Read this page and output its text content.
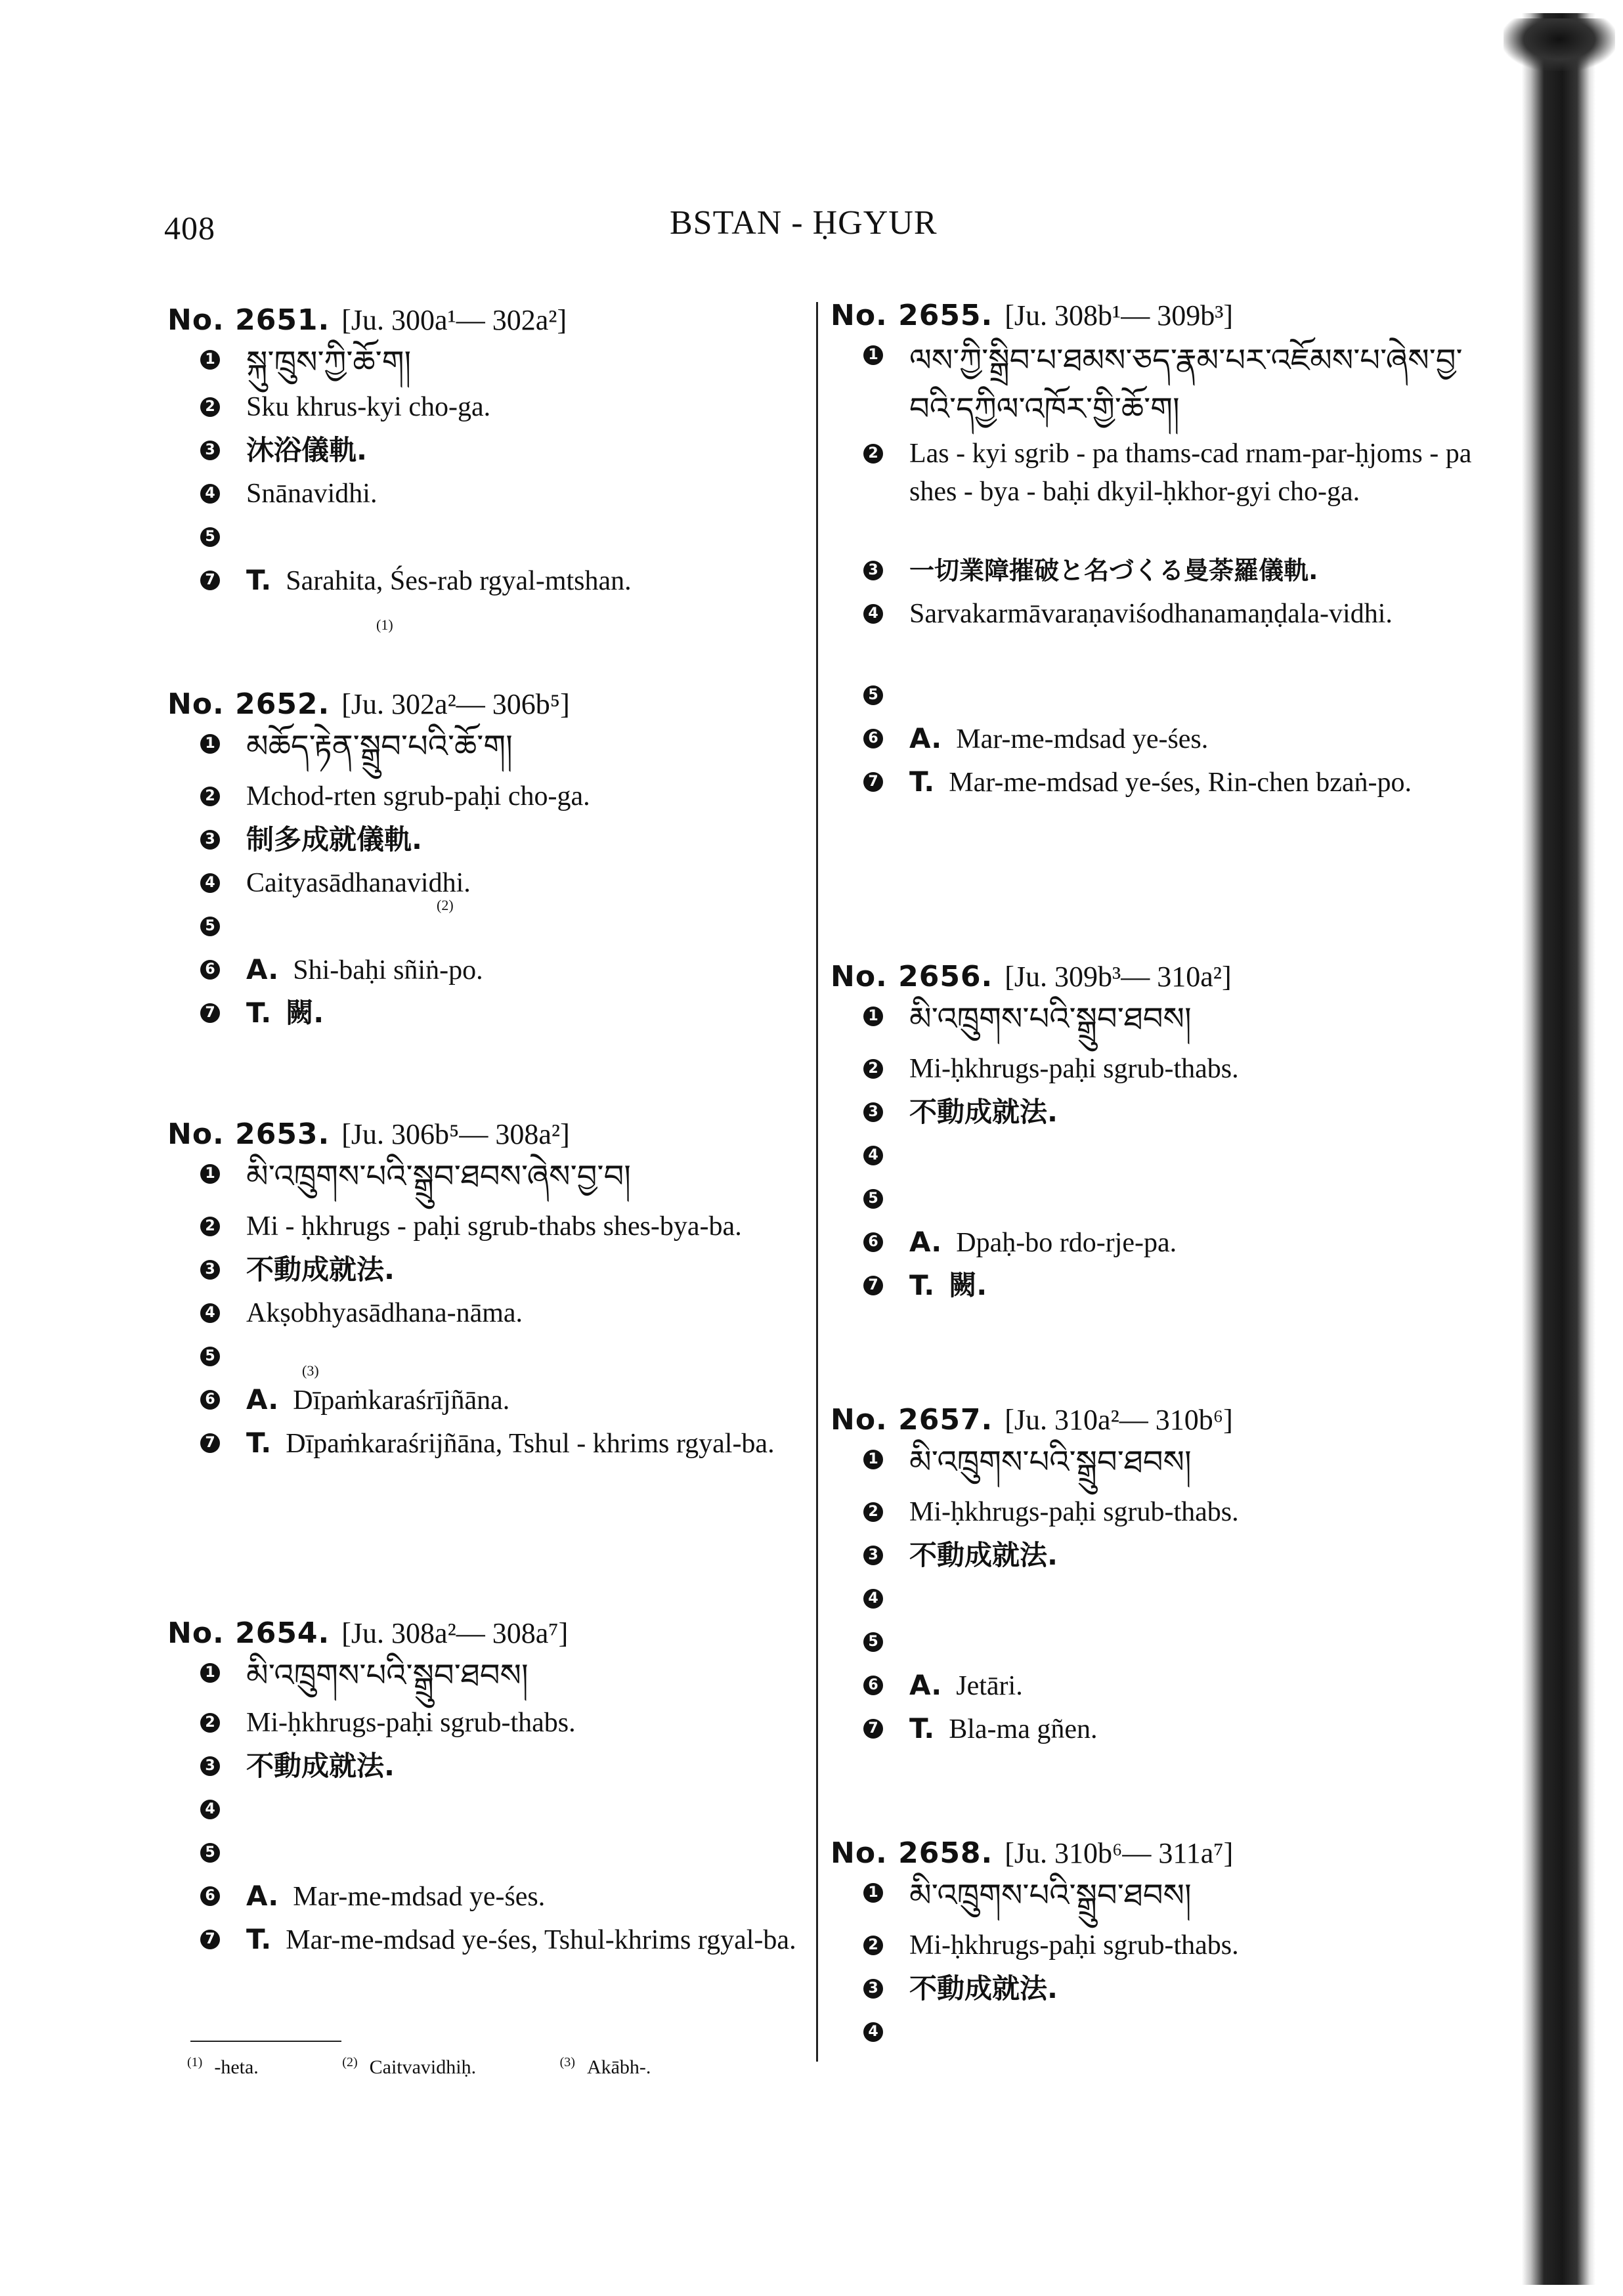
408	BSTAN - ḤGYUR
No. 2651. [Ju. 300a¹— 302a²]
1 སྐུ་ཁྲུས་ཀྱི་ཆོ་ག།
2 Sku khrus-kyi cho-ga.
3 沐浴儀軌.
4 Snānavidhi.
5
7 T. Sarahita, Śes-rab rgyal-mtshan.
(1)
No. 2652. [Ju. 302a²— 306b⁵]
1 མཆོད་རྟེན་སྒྲུབ་པའི་ཆོ་ག།
2 Mchod-rten sgrub-paḥi cho-ga.
3 制多成就儀軌.
4 Caityasādhanavidhi.
5
6 A. Shi-baḥi sñiṅ-po.
7 T. 闕.
(2)
No. 2653. [Ju. 306b⁵— 308a²]
1 མི་འཁྲུགས་པའི་སྒྲུབ་ཐབས་ཞེས་བྱ་བ།
2 Mi - ḥkhrugs - paḥi sgrub-thabs shes-bya-ba.
3 不動成就法.
4 Akṣobhyasādhana-nāma.
5
6 A. Dīpaṁkaraśrījñāna.
7 T. Dīpaṁkaraśrijñāna, Tshul - khrims rgyal-ba.
(3)
No. 2654. [Ju. 308a²— 308a⁷]
1 མི་འཁྲུགས་པའི་སྒྲུབ་ཐབས།
2 Mi-ḥkhrugs-paḥi sgrub-thabs.
3 不動成就法.
4
5
6 A. Mar-me-mdsad ye-śes.
7 T. Mar-me-mdsad ye-śes, Tshul-khrims rgyal-ba.
No. 2655. [Ju. 308b¹— 309b³]
1 ལས་ཀྱི་སྒྲིབ་པ་ཐམས་ཅད་རྣམ་པར་འཇོམས་པ་ཞེས་བྱ་བའི་དཀྱིལ་འཁོར་གྱི་ཆོ་ག།
2 Las - kyi sgrib - pa thams-cad rnam-par-ḥjoms - pa shes - bya - baḥi dkyil-ḥkhor-gyi cho-ga.
3 一切業障摧破と名づくる曼荼羅儀軌.
4 Sarvakarmāvaraṇaviśodhanamaṇḍala-vidhi.
5
6 A. Mar-me-mdsad ye-śes.
7 T. Mar-me-mdsad ye-śes, Rin-chen bzaṅ-po.
No. 2656. [Ju. 309b³— 310a²]
1 མི་འཁྲུགས་པའི་སྒྲུབ་ཐབས།
2 Mi-ḥkhrugs-paḥi sgrub-thabs.
3 不動成就法.
4
5
6 A. Dpaḥ-bo rdo-rje-pa.
7 T. 闕.
No. 2657. [Ju. 310a²— 310b⁶]
1 མི་འཁྲུགས་པའི་སྒྲུབ་ཐབས།
2 Mi-ḥkhrugs-paḥi sgrub-thabs.
3 不動成就法.
4
5
6 A. Jetāri.
7 T. Bla-ma gñen.
No. 2658. [Ju. 310b⁶— 311a⁷]
1 མི་འཁྲུགས་པའི་སྒྲུབ་ཐབས།
2 Mi-ḥkhrugs-paḥi sgrub-thabs.
3 不動成就法.
4
$^{(1)}$ -heta.	$^{(2)}$ Caitvavidhiḥ.	$^{(3)}$ Akābh-.
